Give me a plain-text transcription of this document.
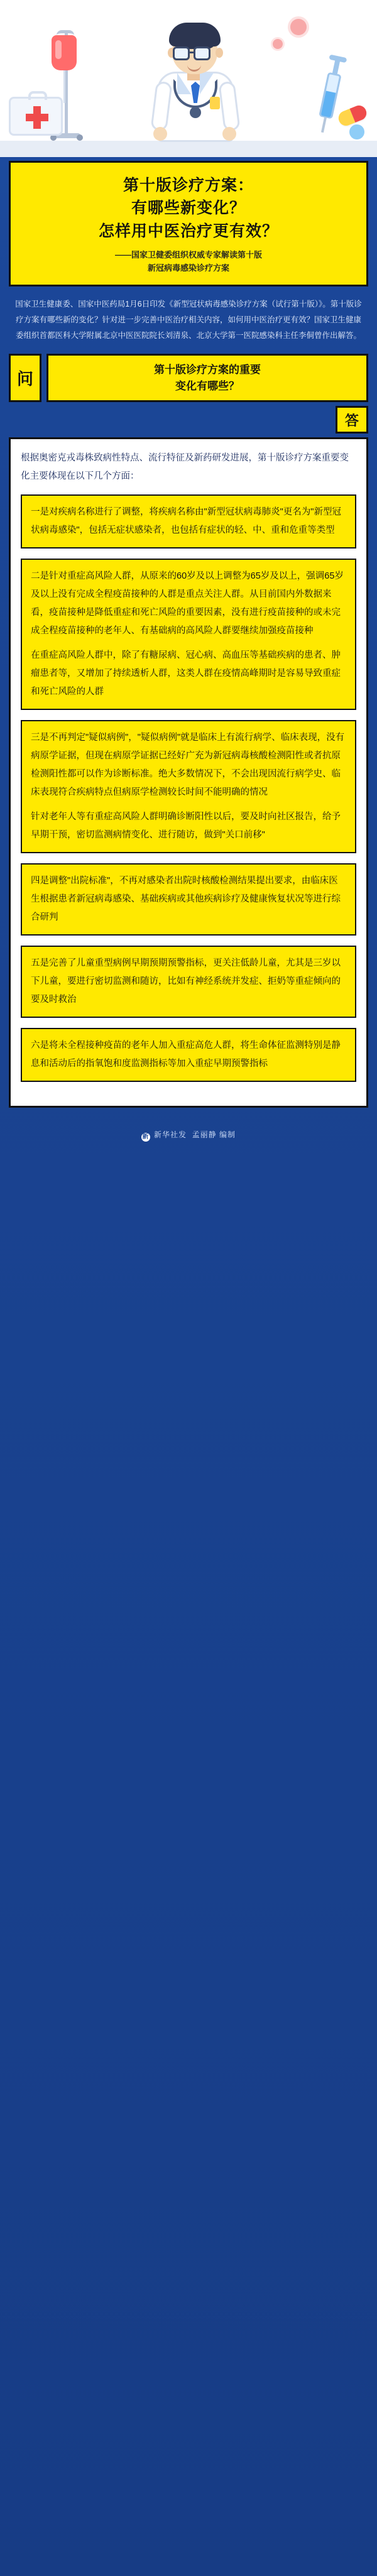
第十版诊疗方案：
有哪些新变化？
怎样用中医治疗更有效？
——国家卫健委组织权威专家解读第十版
新冠病毒感染诊疗方案
国家卫生健康委、国家中医药局1月6日印发《新型冠状病毒感染诊疗方案（试行第十版）》。第十版诊疗方案有哪些新的变化？针对进一步完善中医治疗相关内容，如何用中医治疗更有效？国家卫生健康委组织首都医科大学附属北京中医医院院长刘清泉、北京大学第一医院感染科主任李侗曾作出解答。
问	第十版诊疗方案的重要
变化有哪些？
答
根据奥密克戎毒株致病性特点、流行特征及新药研发进展，第十版诊疗方案重要变化主要体现在以下几个方面：

一是对疾病名称进行了调整，将疾病名称由"新型冠状病毒肺炎"更名为"新型冠状病毒感染"，包括无症状感染者，也包括有症状的轻、中、重和危重等类型

二是针对重症高风险人群，从原来的60岁及以上调整为65岁及以上，强调65岁及以上没有完成全程疫苗接种的人群是重点关注人群。从目前国内外数据来看，疫苗接种是降低重症和死亡风险的重要因素，没有进行疫苗接种的或未完成全程疫苗接种的老年人、有基础病的高风险人群要继续加强疫苗接种

在重症高风险人群中，除了有糖尿病、冠心病、高血压等基础疾病的患者、肿瘤患者等，又增加了持续透析人群，这类人群在疫情高峰期时是容易导致重症和死亡风险的人群

三是不再判定"疑似病例"，"疑似病例"就是临床上有流行病学、临床表现，没有病原学证据，但现在病原学证据已经好广充为新冠病毒核酸检测阳性或者抗原检测阳性都可以作为诊断标准。绝大多数情况下，不会出现因流行病学史、临床表现符合疾病特点但病原学检测较长时间不能明确的情况

针对老年人等有重症高风险人群明确诊断阳性以后，要及时向社区报告，给予早期干预，密切监测病情变化、进行随访，做到"关口前移"

四是调整"出院标准"，不再对感染者出院时核酸检测结果提出要求，由临床医生根据患者新冠病毒感染、基础疾病或其他疾病诊疗及健康恢复状况等进行综合研判

五是完善了儿童重型病例早期预期预警指标，更关注低龄儿童，尤其是三岁以下儿童，要进行密切监测和随访，比如有神经系统并发症、拒奶等重症倾向的要及时救治

六是将未全程接种疫苗的老年人加入重症高危人群，将生命体征监测特别是静息和活动后的指氧饱和度监测指标等加入重症早期预警指标

新 新华社发 孟丽静 编制
